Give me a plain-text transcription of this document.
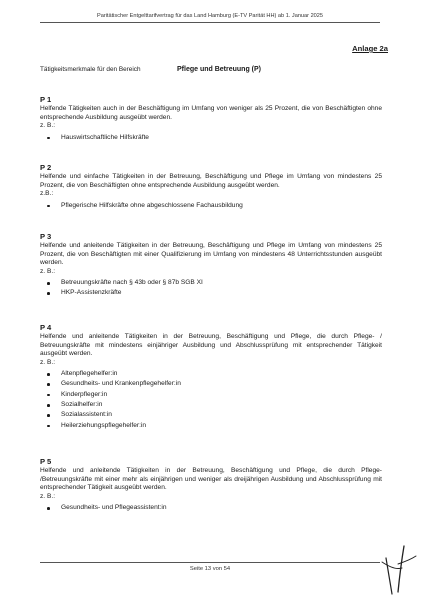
Paritätischer Entgelttarifvertrag für das Land Hamburg (E-TV Parität HH) ab 1. Januar 2025
Anlage 2a
Tätigkeitsmerkmale für den Bereich	Pflege und Betreuung (P)
P 1

Helfende Tätigkeiten auch in der Beschäftigung im Umfang von weniger als 25 Prozent, die von Beschäftigten ohne entsprechende Ausbildung ausgeübt werden.

z. B.:

Hauswirtschaftliche Hilfskräfte
P 2

Helfende und einfache Tätigkeiten in der Betreuung, Beschäftigung und Pflege im Umfang von mindestens 25 Prozent, die von Beschäftigten ohne entsprechende Ausbildung ausgeübt werden.

z.B.:

Pflegerische Hilfskräfte ohne abgeschlossene Fachausbildung
P 3

Helfende und anleitende Tätigkeiten in der Betreuung, Beschäftigung und Pflege im Umfang von mindestens 25 Prozent, die von Beschäftigten mit einer Qualifizierung im Umfang von mindestens 48 Unterrichtsstunden ausgeübt werden.

z. B.:

Betreuungskräfte nach § 43b oder § 87b SGB XI
HKP-Assistenzkräfte
P 4

Helfende und anleitende Tätigkeiten in der Betreuung, Beschäftigung und Pflege, die durch Pflege- / Betreuungskräfte mit mindestens einjähriger Ausbildung und Abschlussprüfung mit entsprechender Tätigkeit ausgeübt werden.

z. B.:

Altenpflegehelfer:in
Gesundheits- und Krankenpflegehelfer:in
Kinderpfleger:in
Sozialhelfer:in
Sozialassistent:in
Heilerziehungspflegehelfer:in
P 5

Helfende und anleitende Tätigkeiten in der Betreuung, Beschäftigung und Pflege, die durch Pflege- /Betreuungskräfte mit einer mehr als einjährigen und weniger als dreijährigen Ausbildung und Abschlussprüfung mit entsprechender Tätigkeit ausgeübt werden.

z. B.:

Gesundheits- und Pflegeassistent:in
Seite 13 von 54
